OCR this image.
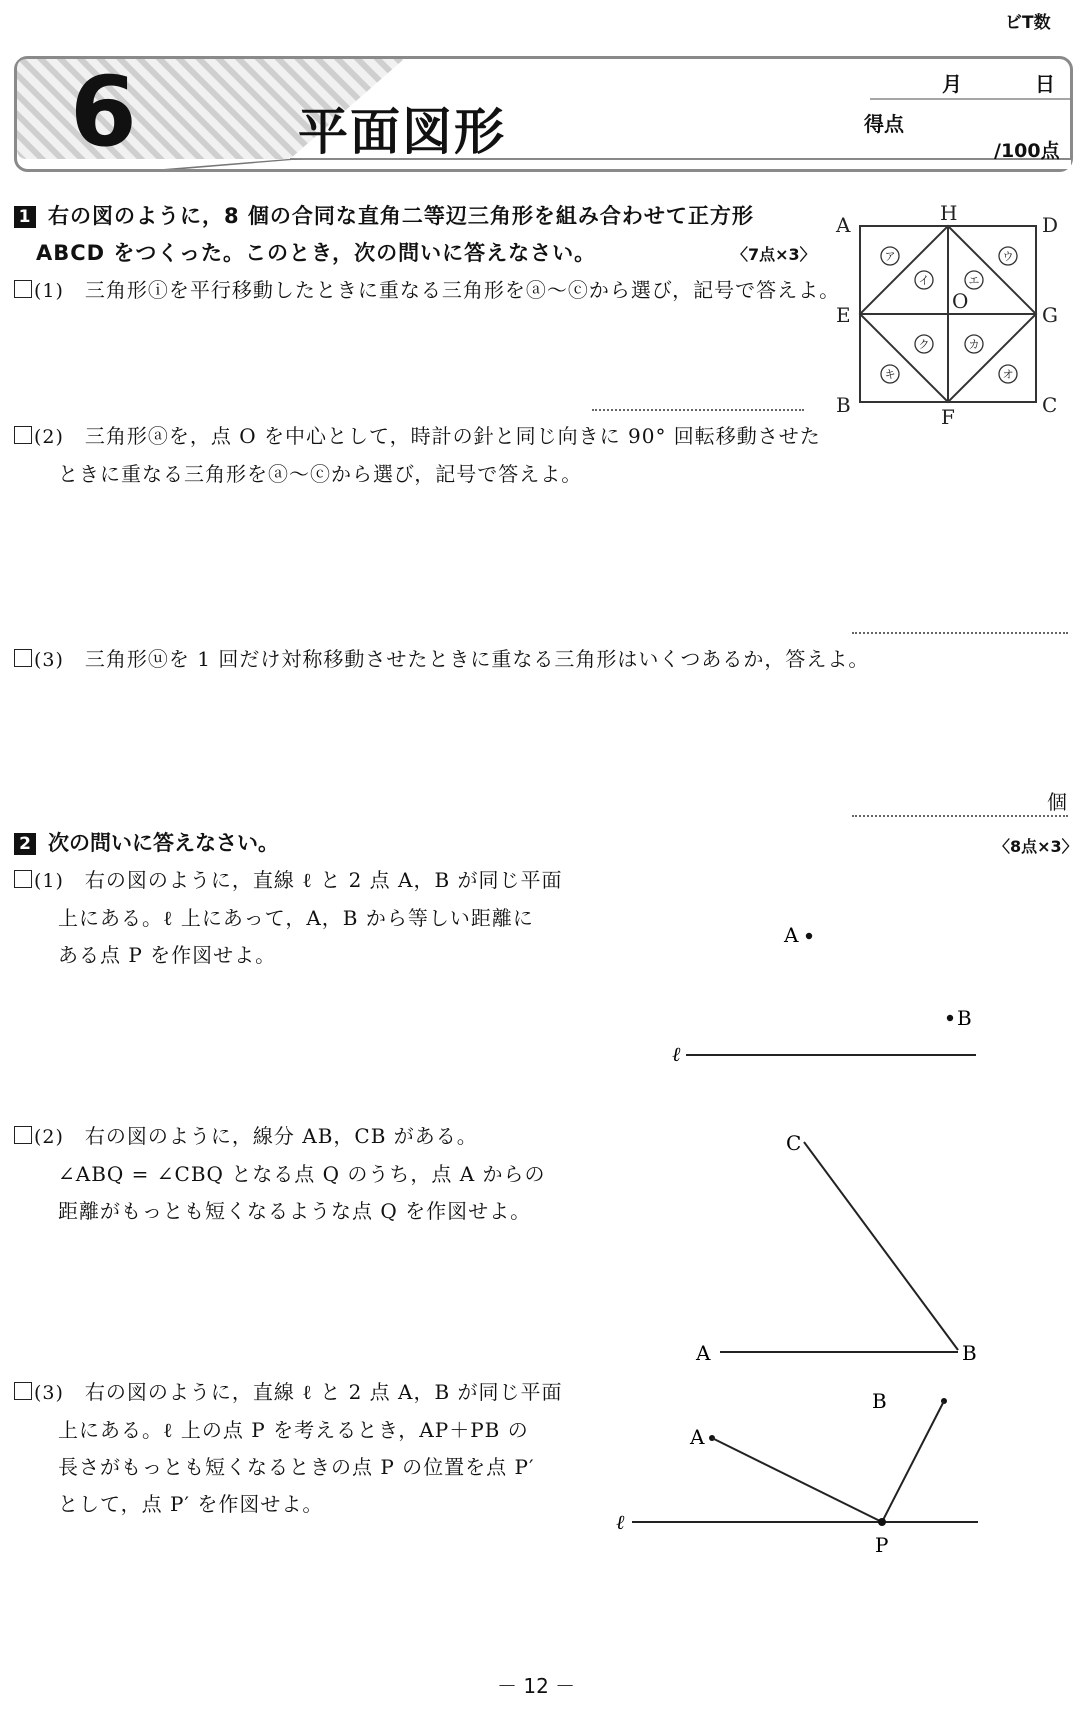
ビT数
6	平面図形
月	日
得点
/100点
1 右の図のように，8 個の合同な直角二等辺三角形を組み合わせて正方形
ABCD をつくった。このとき，次の問いに答えなさい。	〈7点×3〉
A	H	D
E
O
G
B	F	C
ア
イ
ウ
エ
オ
カ
キ
ク
(1)　 三角形ⓘを平行移動したときに重なる三角形をⓐ〜ⓒから選び，記号で答えよ。
(2)　 三角形ⓐを，点 O を中心として，時計の針と同じ向きに 90° 回転移動させた
ときに重なる三角形をⓐ〜ⓒから選び，記号で答えよ。
(3)　 三角形ⓤを 1 回だけ対称移動させたときに重なる三角形はいくつあるか，答えよ。
個
2 次の問いに答えなさい。	〈8点×3〉
(1)　 右の図のように，直線 ℓ と 2 点 A，B が同じ平面
上にある。ℓ 上にあって，A，B から等しい距離に
ある点 P を作図せよ。
A
B
ℓ
(2)　 右の図のように，線分 AB，CB がある。
∠ABQ = ∠CBQ となる点 Q のうち，点 A からの
距離がもっとも短くなるような点 Q を作図せよ。
C
A	B
(3)　 右の図のように，直線 ℓ と 2 点 A，B が同じ平面
上にある。ℓ 上の点 P を考えるとき，AP＋PB の
長さがもっとも短くなるときの点 P の位置を点 P′
として，点 P′ を作図せよ。
B
A
ℓ
P
－ 12 －
